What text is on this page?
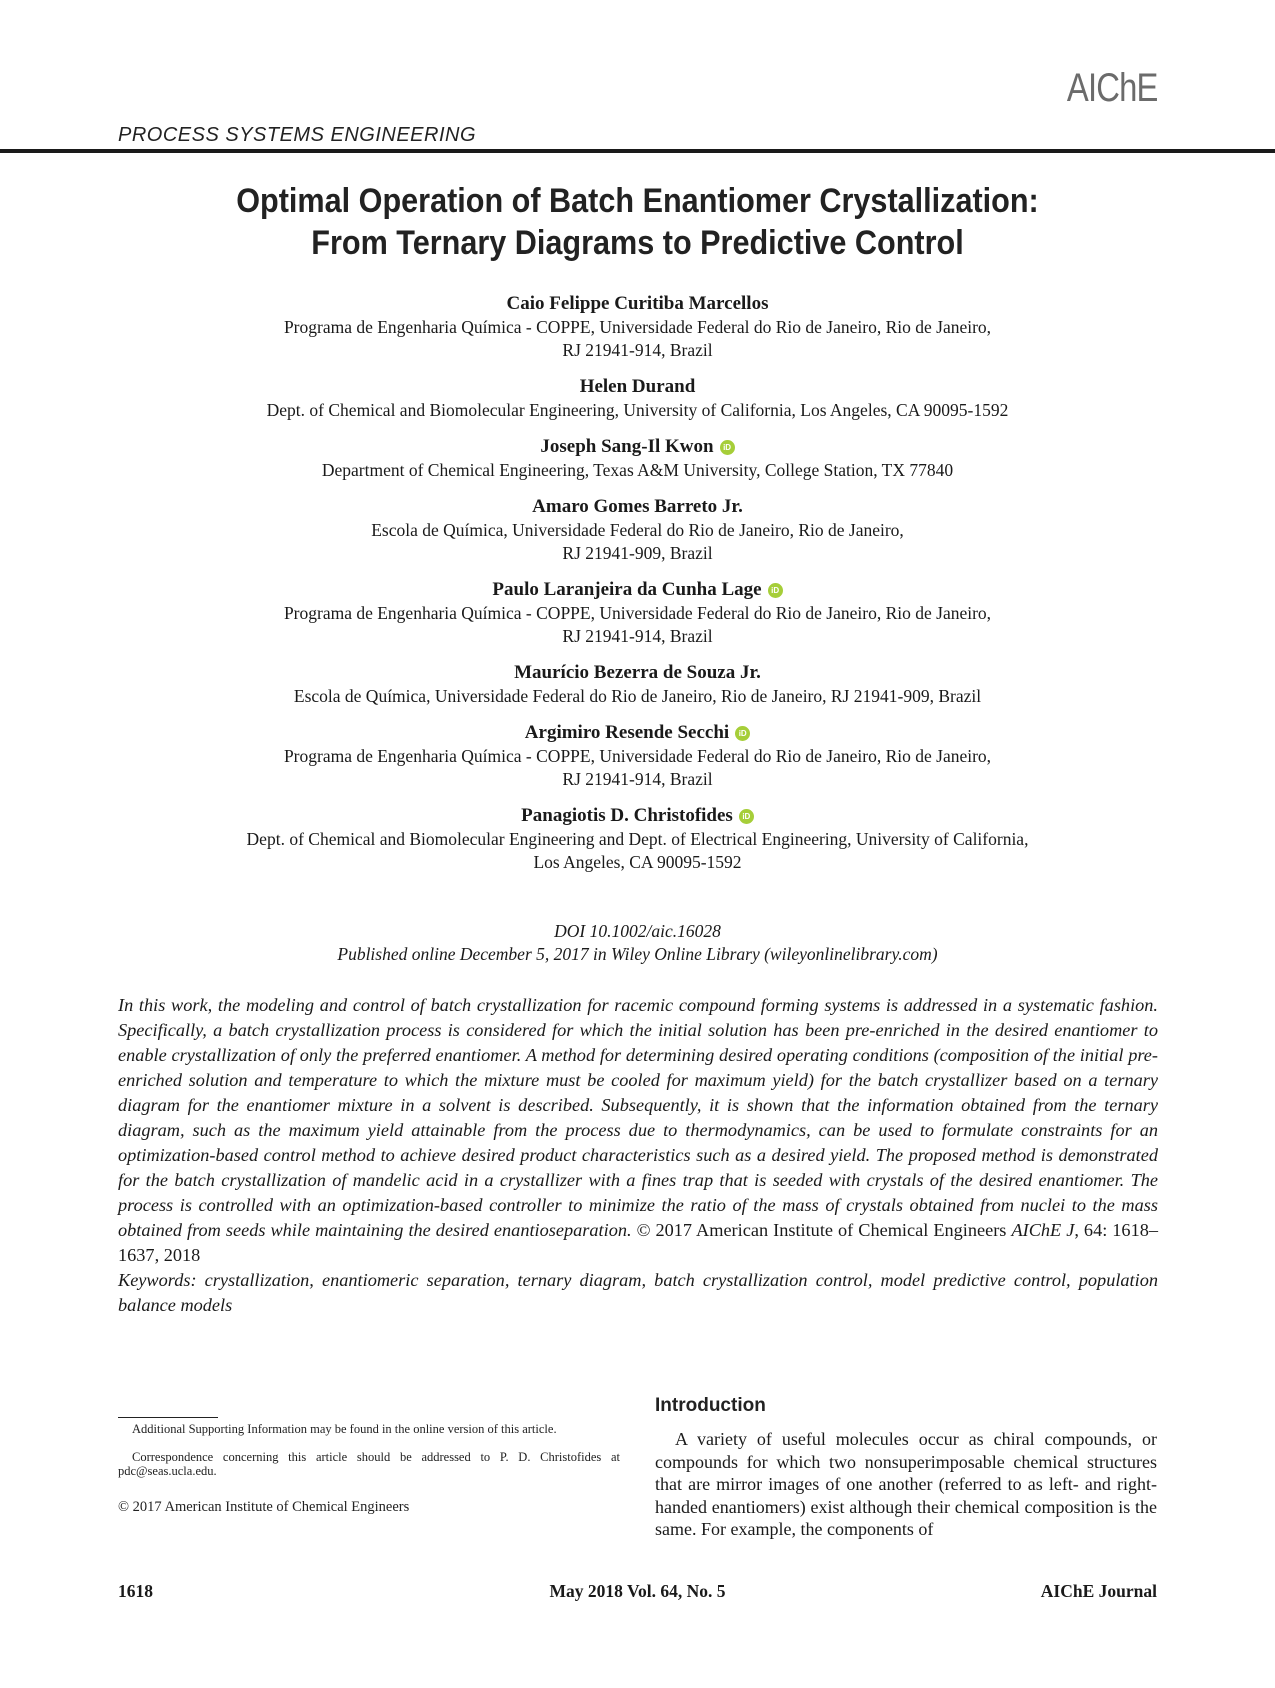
AIChE
PROCESS SYSTEMS ENGINEERING
Optimal Operation of Batch Enantiomer Crystallization:
From Ternary Diagrams to Predictive Control
Caio Felippe Curitiba Marcellos
Programa de Engenharia Química - COPPE, Universidade Federal do Rio de Janeiro, Rio de Janeiro,
RJ 21941-914, Brazil
Helen Durand
Dept. of Chemical and Biomolecular Engineering, University of California, Los Angeles, CA 90095-1592
Joseph Sang-Il Kwon iD
Department of Chemical Engineering, Texas A&M University, College Station, TX 77840
Amaro Gomes Barreto Jr.
Escola de Química, Universidade Federal do Rio de Janeiro, Rio de Janeiro,
RJ 21941-909, Brazil
Paulo Laranjeira da Cunha Lage iD
Programa de Engenharia Química - COPPE, Universidade Federal do Rio de Janeiro, Rio de Janeiro,
RJ 21941-914, Brazil
Maurício Bezerra de Souza Jr.
Escola de Química, Universidade Federal do Rio de Janeiro, Rio de Janeiro, RJ 21941-909, Brazil
Argimiro Resende Secchi iD
Programa de Engenharia Química - COPPE, Universidade Federal do Rio de Janeiro, Rio de Janeiro,
RJ 21941-914, Brazil
Panagiotis D. Christofides iD
Dept. of Chemical and Biomolecular Engineering and Dept. of Electrical Engineering, University of California,
Los Angeles, CA 90095-1592
DOI 10.1002/aic.16028
Published online December 5, 2017 in Wiley Online Library (wileyonlinelibrary.com)
In this work, the modeling and control of batch crystallization for racemic compound forming systems is addressed in a systematic fashion. Specifically, a batch crystallization process is considered for which the initial solution has been pre-enriched in the desired enantiomer to enable crystallization of only the preferred enantiomer. A method for determining desired operating conditions (composition of the initial pre-enriched solution and temperature to which the mixture must be cooled for maximum yield) for the batch crystallizer based on a ternary diagram for the enantiomer mixture in a solvent is described. Subsequently, it is shown that the information obtained from the ternary diagram, such as the maximum yield attainable from the process due to thermodynamics, can be used to formulate constraints for an optimization-based control method to achieve desired product characteristics such as a desired yield. The proposed method is demonstrated for the batch crystallization of mandelic acid in a crystallizer with a fines trap that is seeded with crystals of the desired enantiomer. The process is controlled with an optimization-based controller to minimize the ratio of the mass of crystals obtained from nuclei to the mass obtained from seeds while maintaining the desired enantioseparation. © 2017 American Institute of Chemical Engineers AIChE J, 64: 1618–1637, 2018
Keywords: crystallization, enantiomeric separation, ternary diagram, batch crystallization control, model predictive control, population balance models

Additional Supporting Information may be found in the online version of this article.

Correspondence concerning this article should be addressed to P. D. Christofides at pdc@seas.ucla.edu.

© 2017 American Institute of Chemical Engineers

Introduction
A variety of useful molecules occur as chiral compounds, or compounds for which two nonsuperimposable chemical structures that are mirror images of one another (referred to as left- and right-handed enantiomers) exist although their chemical composition is the same. For example, the components of
1618	May 2018 Vol. 64, No. 5	AIChE Journal
